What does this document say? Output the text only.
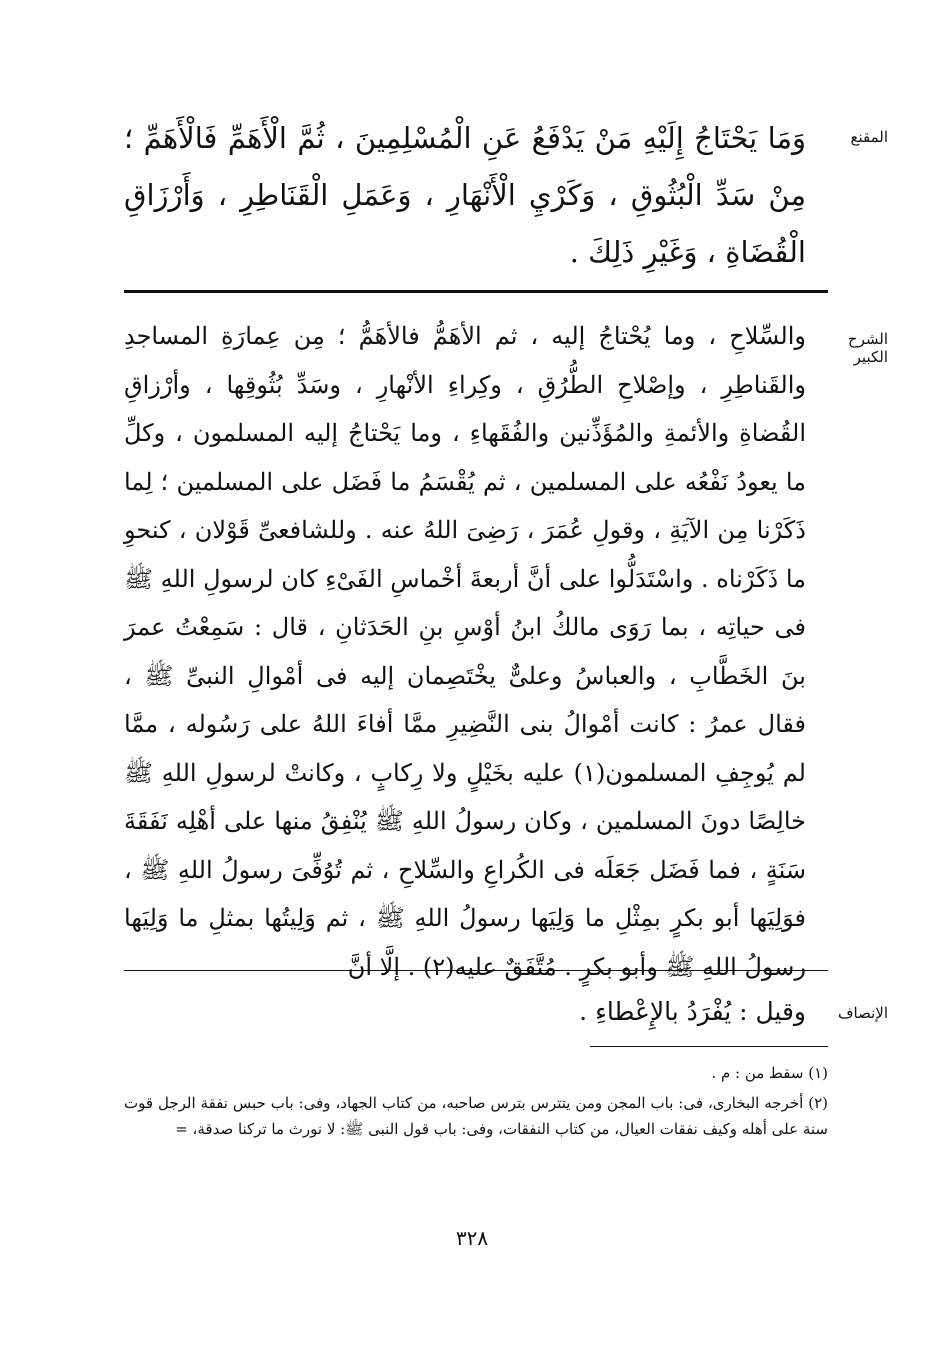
المقنع
وَمَا يَحْتَاجُ إِلَيْهِ مَنْ يَدْفَعُ عَنِ الْمُسْلِمِينَ ، ثُمَّ الْأَهَمِّ فَالْأَهَمِّ ؛ مِنْ سَدِّ الْبُثُوقِ ، وَكَرْيِ الْأَنْهَارِ ، وَعَمَلِ الْقَنَاطِرِ ، وَأَرْزَاقِ الْقُضَاةِ ، وَغَيْرِ ذَلِكَ .
الشرح الكبير
والسِّلاحِ ، وما يُحْتاجُ إليه ، ثم الأهَمُّ فالأهَمُّ ؛ مِن عِمارَةِ المساجدِ والقَناطِرِ ، وإصْلاحِ الطُّرُقِ ، وكِراءِ الأنْهارِ ، وسَدِّ بُثُوقِها ، وأرْزاقِ القُضاةِ والأئمةِ والمُؤَذِّنين والفُقَهاءِ ، وما يَحْتاجُ إليه المسلمون ، وكلِّ ما يعودُ نَفْعُه على المسلمين ، ثم يُقْسَمُ ما فَضَل على المسلمين ؛ لِما ذَكَرْنا مِن الآيَةِ ، وقولِ عُمَرَ ، رَضِىَ اللهُ عنه . وللشافعىِّ قَوْلان ، كنحوِ ما ذَكَرْناه . واسْتَدَلُّوا على أنَّ أربعةَ أخْماسِ الفَىْءِ كان لرسولِ اللهِ ﷺ فى حياتِه ، بما رَوَى مالكُ ابنُ أوْسِ بنِ الحَدَثانِ ، قال : سَمِعْتُ عمرَ بنَ الخَطَّابِ ، والعباسُ وعلىٌّ يخْتَصِمان إليه فى أمْوالِ النبىِّ ﷺ ، فقال عمرُ : كانت أمْوالُ بنى النَّضِيرِ ممَّا أفاءَ اللهُ على رَسُوله ، ممَّا لم يُوجِفِ المسلمون(١) عليه بخَيْلٍ ولا رِكابٍ ، وكانتْ لرسولِ اللهِ ﷺ خالِصًا دونَ المسلمين ، وكان رسولُ اللهِ ﷺ يُنْفِقُ منها على أهْلِه نَفَقَةَ سَنَةٍ ، فما فَضَل جَعَلَه فى الكُراعِ والسِّلاحِ ، ثم تُوُفِّىَ رسولُ اللهِ ﷺ ، فوَلِيَها أبو بكرٍ بمِثْلِ ما وَلِيَها رسولُ اللهِ ﷺ ، ثم وَلِيتُها بمثلِ ما وَلِيَها رسولُ اللهِ ﷺ وأبو بكرٍ . مُتَّفَقٌ عليه(٢) . إلَّا أنَّ
الإنصاف
وقيل : يُفْرَدُ بالإِعْطاءِ .

(١) سقط من : م .

(٢) أخرجه البخارى، فى: باب المجن ومن يتترس بترس صاحبه، من كتاب الجهاد، وفى: باب حبس نفقة الرجل قوت سنة على أهله وكيف نفقات العيال، من كتاب النفقات، وفى: باب قول النبى ﷺ: لا نورث ما تركنا صدقة، =

٣٢٨
